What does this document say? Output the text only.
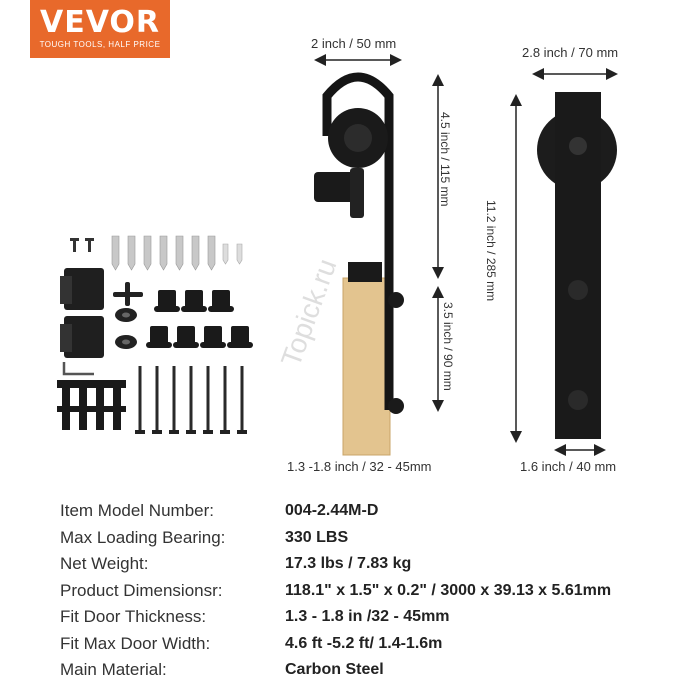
VEVOR
TOUGH TOOLS, HALF PRICE
Topick.ru
2 inch / 50 mm
2.8 inch / 70 mm
4.5 inch / 115 mm
3.5 inch / 90 mm
11.2 inch / 285 mm
1.3 -1.8 inch / 32 - 45mm	1.6 inch / 40 mm
Item Model Number:	004-2.44M-D
Max Loading Bearing:	330 LBS
Net Weight:	17.3 lbs / 7.83 kg
Product Dimensionsr:	118.1" x 1.5" x 0.2" / 3000 x 39.13 x 5.61mm
Fit Door Thickness:	1.3 - 1.8 in /32 - 45mm
Fit Max Door Width:	4.6 ft -5.2 ft/ 1.4-1.6m
Main Material:	Carbon Steel
